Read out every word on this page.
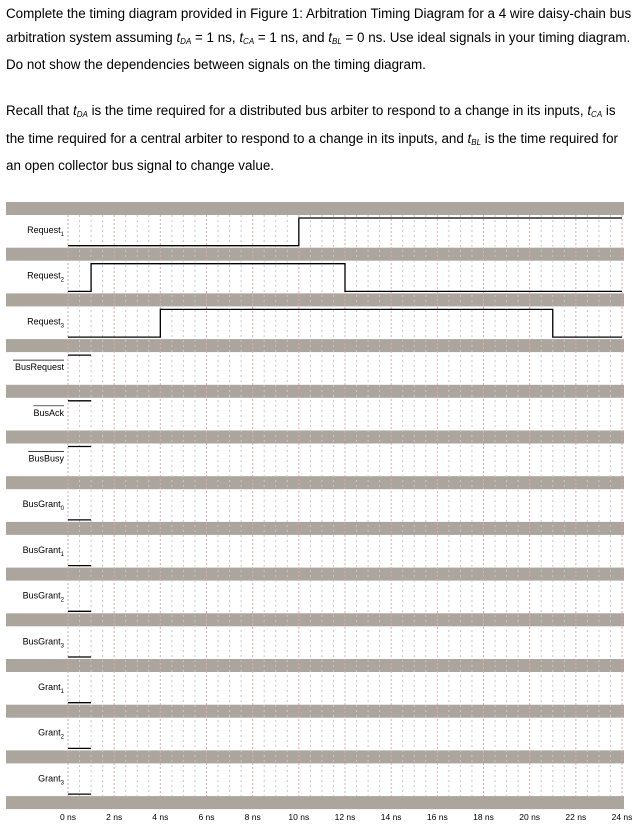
Complete the timing diagram provided in Figure 1: Arbitration Timing Diagram for a 4 wire daisy-chain bus arbitration system assuming $t_{DA} = 1$ ns, $t_{CA} = 1$ ns, and $t_{BL} = 0$ ns. Use ideal signals in your timing diagram. Do not show the dependencies between signals on the timing diagram.

Recall that $t_{DA}$ is the time required for a distributed bus arbiter to respond to a change in its inputs, $t_{CA}$ is the time required for a central arbiter to respond to a change in its inputs, and $t_{BL}$ is the time required for an open collector bus signal to change value.

Request$_1$
Request$_2$
Request$_3$
BusRequest
BusAck
BusBusy
BusGrant$_0$
BusGrant$_1$
BusGrant$_2$
BusGrant$_3$
Grant$_1$
Grant$_2$
Grant$_3$
0 ns	2 ns	4 ns	6 ns	8 ns	10 ns	12 ns	14 ns	16 ns	18 ns	20 ns	22 ns	24 ns
